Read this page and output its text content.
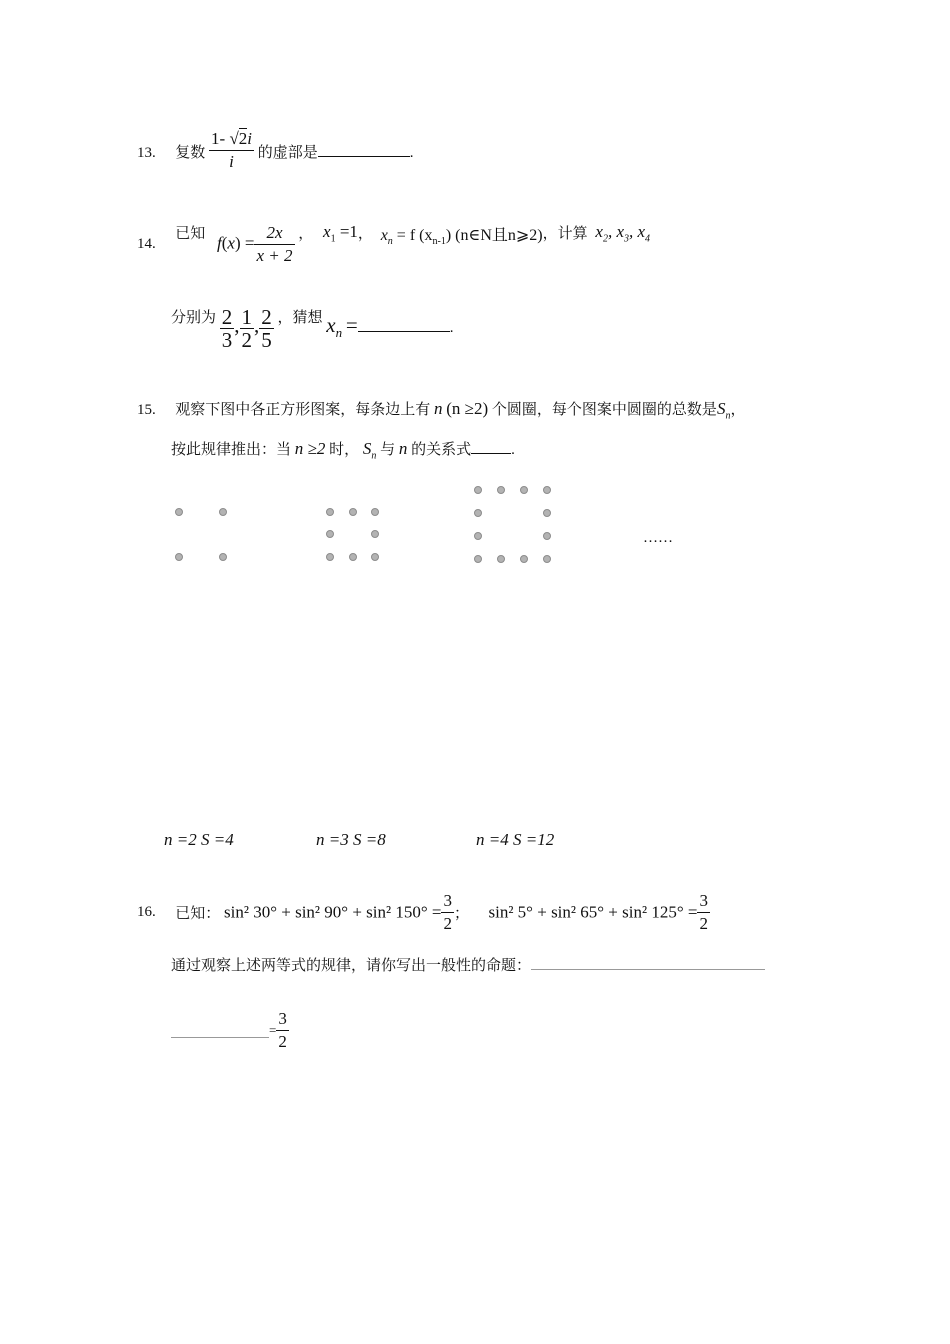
13. 复数 $\frac{1- √2i}{i}$ 的虚部是	.
14.  已知 $f(x) = \frac{2x}{x + 2}$ ， $x_1 =1$， $x_n = f$ $(x_{n-1})$ (n∈N且n⩾2)，计算 $x_2$, $x_3$, $x_4$
分别为 $\frac{2}{3}$ , $\frac{1}{2}$ , $\frac{2}{5}$ ，猜想 $x_n$ =	.
15. 观察下图中各正方形图案，每条边上有 n (n ≥2) 个圆圈，每个图案中圆圈的总数是$S_n$，
按此规律推出：当 n ≥2 时， $S_n$ 与 n 的关系式	.
……
n =2 S =4	n =3 S =8	n =4 S =12
16. 已知： sin² 30° + sin² 90° + sin² $150^\circ = \frac{3}{2}$ ； sin² 5° + sin² 65° + sin² $125^\circ = \frac{3}{2}$
通过观察上述两等式的规律，请你写出一般性的命题：
= $\frac{3}{2}$
